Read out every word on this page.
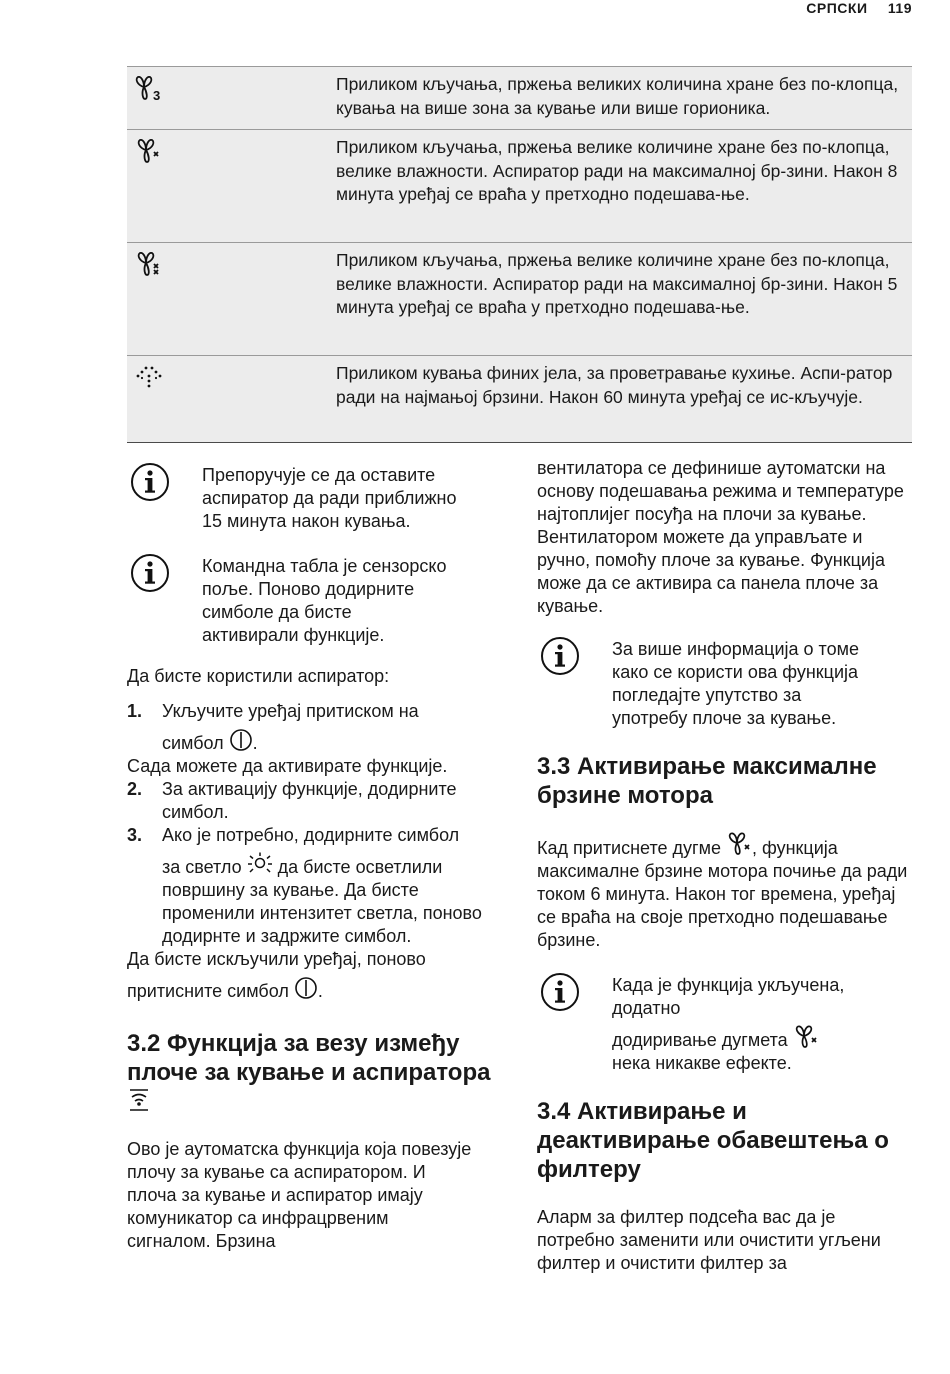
СРПСКИ 119
3	Приликом кључања, пржења великих количина хране без по-клопца, кувања на више зона за кување или више горионика.
	Приликом кључања, пржења велике количине хране без по-клопца, велике влажности. Аспиратор ради на максималној бр-зини. Након 8 минута уређај се враћа у претходно подешава-ње.
	Приликом кључања, пржења велике количине хране без по-клопца, велике влажности. Аспиратор ради на максималној бр-зини. Након 5 минута уређај се враћа у претходно подешава-ње.
	Приликом кувања финих јела, за проветравање кухиње. Аспи-ратор ради на најмањој брзини. Након 60 минута уређај се ис-кључује.
Препоручује се да оставите аспиратор да ради приближно 15 минута након кувања.
Командна табла је сензорско поље. Поново додирните симболе да бисте активирали функције.

Да бисте користили аспиратор:

1.	Укључите уређај притиском на
симбол .

Сада можете да активирате функције.

2.	За активацију функције, додирните симбол.
3.	Ако је потребно, додирните симбол
за светло да бисте осветлили површину за кување. Да бисте променили интензитет светла, поново додирнте и задржите симбол.

Да бисте искључили уређај, поново

притисните симбол .

3.2 Функција за везу између плоче за кување и аспиратора

Ово је аутоматска функција која повезује плочу за кување са аспиратором. И плоча за кување и аспиратор имају комуникатор са инфрацрвеним сигналом. Брзина

вентилатора се дефинише аутоматски на основу подешавања режима и температуре најтоплијег посуђа на плочи за кување. Вентилатором можете да управљате и ручно, помоћу плоче за кување. Функција може да се активира са панела плоче за кување.

За више информација о томе како се користи ова функција погледајте упутство за употребу плоче за кување.
3.3 Активирање максималне брзине мотора

Кад притиснете дугме , функција максималне брзине мотора почиње да ради током 6 минута. Након тог времена, уређај се враћа на своје претходно подешавање брзине.

Када је функција укључена, додатно
додиривање дугмета
нека никакве ефекте.
3.4 Активирање и деактивирање обавештења о филтеру

Аларм за филтер подсећа вас да је потребно заменити или очистити угљени филтер и очистити филтер за
